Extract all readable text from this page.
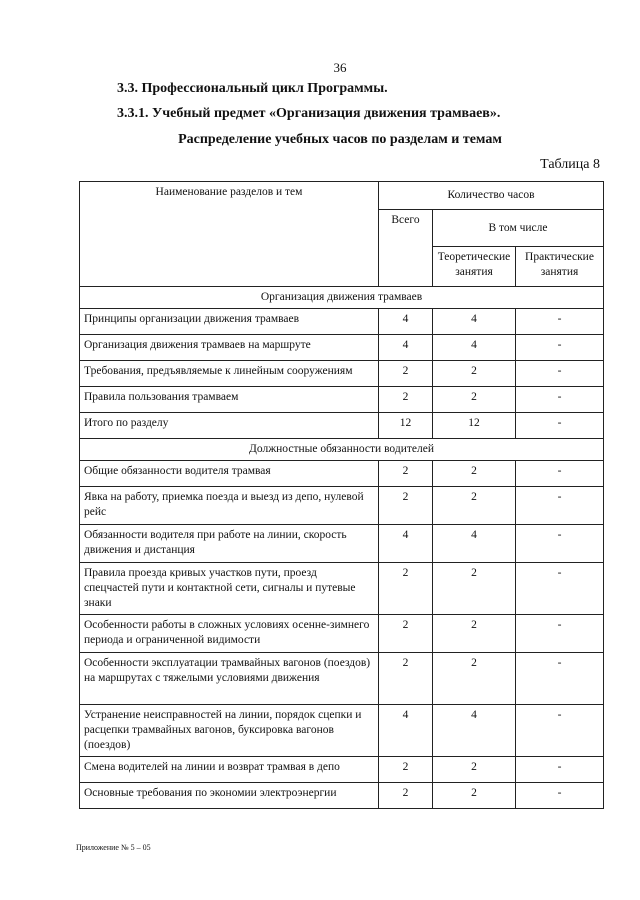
36
3.3. Профессиональный цикл Программы.
3.3.1. Учебный предмет «Организация движения трамваев».
Распределение учебных часов по разделам и темам
Таблица 8
Наименование разделов и тем	Количество часов		
	Всего	В том числе	
		Теоретические занятия	Практические занятия
Организация движения трамваев			
Принципы организации движения трамваев	4	4	-
Организация движения трамваев на маршруте	4	4	-
Требования, предъявляемые к линейным сооружениям	2	2	-
Правила пользования трамваем	2	2	-
Итого по разделу	12	12	-
Должностные обязанности водителей			
Общие обязанности водителя трамвая	2	2	-
Явка на работу, приемка поезда и выезд из депо, нулевой рейс	2	2	-
Обязанности водителя при работе на линии, скорость движения и дистанция	4	4	-
Правила проезда кривых участков пути, проезд спецчастей пути и контактной сети, сигналы и путевые знаки	2	2	-
Особенности работы в сложных условиях осенне-зимнего периода и ограниченной видимости	2	2	-
Особенности эксплуатации трамвайных вагонов (поездов) на маршрутах с тяжелыми условиями движения	2	2	-
Устранение неисправностей на линии, порядок сцепки и расцепки трамвайных вагонов, буксировка вагонов (поездов)	4	4	-
Смена водителей на линии и возврат трамвая в депо	2	2	-
Основные требования по экономии электроэнергии	2	2	-
Приложение № 5 – 05
